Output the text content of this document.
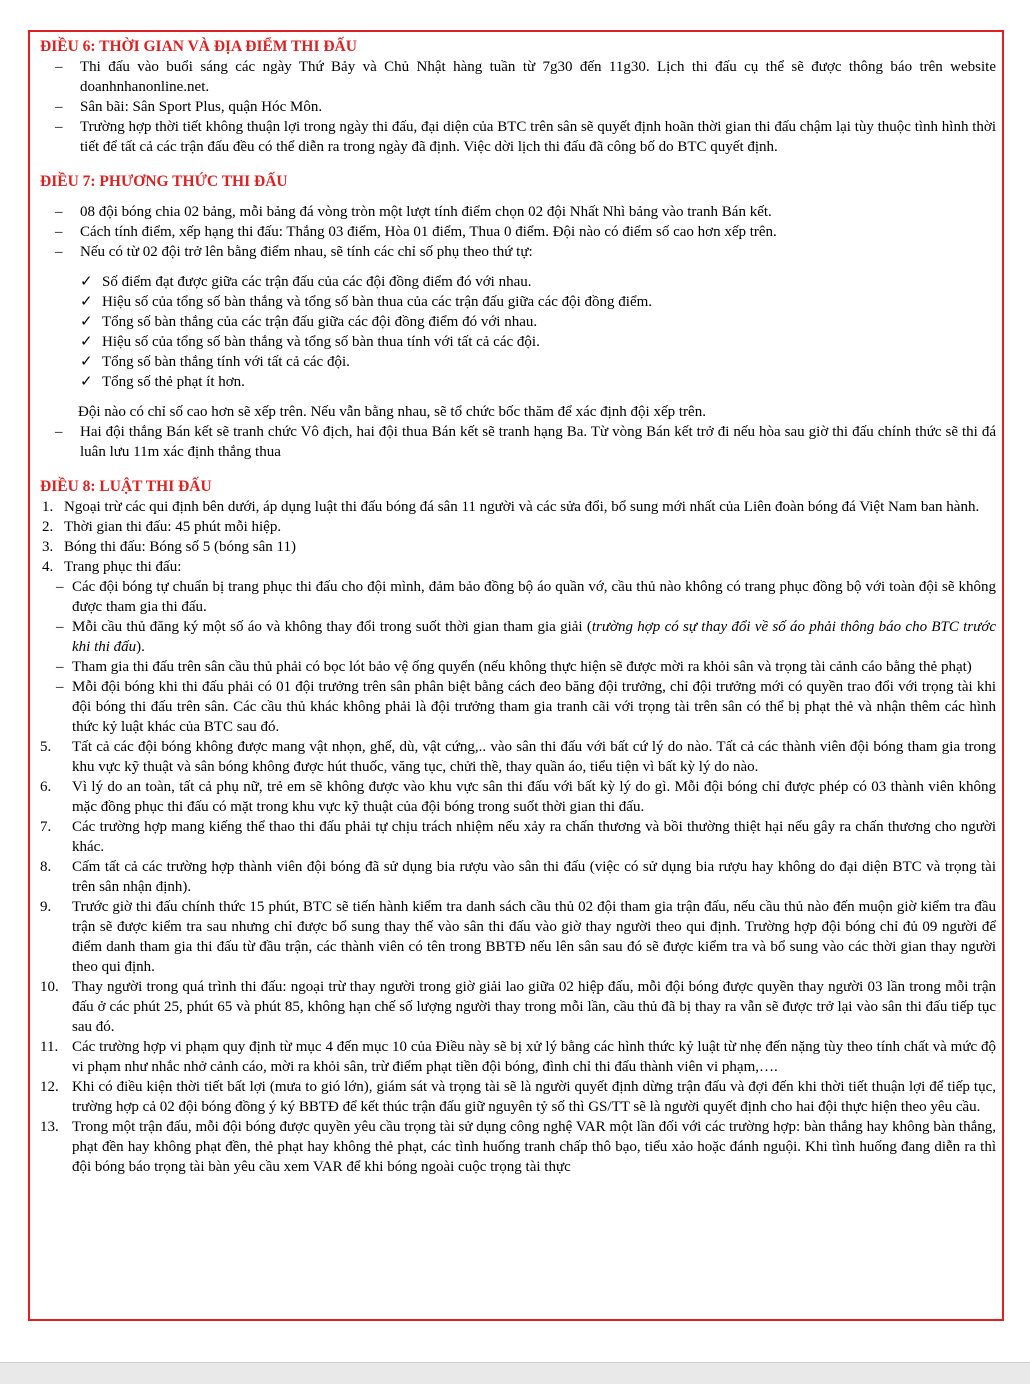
ĐIỀU 6: THỜI GIAN VÀ ĐỊA ĐIỂM THI ĐẤU
– Thi đấu vào buổi sáng các ngày Thứ Bảy và Chủ Nhật hàng tuần từ 7g30 đến 11g30. Lịch thi đấu cụ thể sẽ được thông báo trên website doanhnhanonline.net.
– Sân bãi: Sân Sport Plus, quận Hóc Môn.
– Trường hợp thời tiết không thuận lợi trong ngày thi đấu, đại diện của BTC trên sân sẽ quyết định hoãn thời gian thi đấu chậm lại tùy thuộc tình hình thời tiết để tất cả các trận đấu đều có thể diễn ra trong ngày đã định. Việc dời lịch thi đấu đã công bố do BTC quyết định.
ĐIỀU 7: PHƯƠNG THỨC THI ĐẤU
– 08 đội bóng chia 02 bảng, mỗi bảng đá vòng tròn một lượt tính điểm chọn 02 đội Nhất Nhì bảng vào tranh Bán kết.
– Cách tính điểm, xếp hạng thi đấu: Thắng 03 điểm, Hòa 01 điểm, Thua 0 điểm. Đội nào có điểm số cao hơn xếp trên.
– Nếu có từ 02 đội trở lên bằng điểm nhau, sẽ tính các chỉ số phụ theo thứ tự:
✓ Số điểm đạt được giữa các trận đấu của các đội đồng điểm đó với nhau.
✓ Hiệu số của tổng số bàn thắng và tổng số bàn thua của các trận đấu giữa các đội đồng điểm.
✓ Tổng số bàn thắng của các trận đấu giữa các đội đồng điểm đó với nhau.
✓ Hiệu số của tổng số bàn thắng và tổng số bàn thua tính với tất cả các đội.
✓ Tổng số bàn thắng tính với tất cả các đội.
✓ Tổng số thẻ phạt ít hơn.
Đội nào có chỉ số cao hơn sẽ xếp trên. Nếu vẫn bằng nhau, sẽ tổ chức bốc thăm để xác định đội xếp trên.
– Hai đội thắng Bán kết sẽ tranh chức Vô địch, hai đội thua Bán kết sẽ tranh hạng Ba. Từ vòng Bán kết trở đi nếu hòa sau giờ thi đấu chính thức sẽ thi đá luân lưu 11m xác định thắng thua
ĐIỀU 8: LUẬT THI ĐẤU
1. Ngoại trừ các qui định bên dưới, áp dụng luật thi đấu bóng đá sân 11 người và các sửa đổi, bổ sung mới nhất của Liên đoàn bóng đá Việt Nam ban hành.
2. Thời gian thi đấu: 45 phút mỗi hiệp.
3. Bóng thi đấu: Bóng số 5 (bóng sân 11)
4. Trang phục thi đấu:
– Các đội bóng tự chuẩn bị trang phục thi đấu cho đội mình, đảm bảo đồng bộ áo quần vớ, cầu thủ nào không có trang phục đồng bộ với toàn đội sẽ không được tham gia thi đấu.
– Mỗi cầu thủ đăng ký một số áo và không thay đổi trong suốt thời gian tham gia giải (trường hợp có sự thay đổi về số áo phải thông báo cho BTC trước khi thi đấu).
– Tham gia thi đấu trên sân cầu thủ phải có bọc lót bảo vệ ống quyển (nếu không thực hiện sẽ được mời ra khỏi sân và trọng tài cảnh cáo bằng thẻ phạt)
– Mỗi đội bóng khi thi đấu phải có 01 đội trưởng trên sân phân biệt bằng cách đeo băng đội trưởng, chỉ đội trưởng mới có quyền trao đổi với trọng tài khi đội bóng thi đấu trên sân. Các cầu thủ khác không phải là đội trưởng tham gia tranh cãi với trọng tài trên sân có thể bị phạt thẻ và nhận thêm các hình thức kỷ luật khác của BTC sau đó.
5. Tất cả các đội bóng không được mang vật nhọn, ghế, dù, vật cứng,.. vào sân thi đấu với bất cứ lý do nào. Tất cả các thành viên đội bóng tham gia trong khu vực kỹ thuật và sân bóng không được hút thuốc, văng tục, chửi thề, thay quần áo, tiểu tiện vì bất kỳ lý do nào.
6. Vì lý do an toàn, tất cả phụ nữ, trẻ em sẽ không được vào khu vực sân thi đấu với bất kỳ lý do gì. Mỗi đội bóng chỉ được phép có 03 thành viên không mặc đồng phục thi đấu có mặt trong khu vực kỹ thuật của đội bóng trong suốt thời gian thi đấu.
7. Các trường hợp mang kiếng thể thao thi đấu phải tự chịu trách nhiệm nếu xảy ra chấn thương và bồi thường thiệt hại nếu gây ra chấn thương cho người khác.
8. Cấm tất cả các trường hợp thành viên đội bóng đã sử dụng bia rượu vào sân thi đấu (việc có sử dụng bia rượu hay không do đại diện BTC và trọng tài trên sân nhận định).
9. Trước giờ thi đấu chính thức 15 phút, BTC sẽ tiến hành kiểm tra danh sách cầu thủ 02 đội tham gia trận đấu, nếu cầu thủ nào đến muộn giờ kiểm tra đầu trận sẽ được kiểm tra sau nhưng chỉ được bổ sung thay thế vào sân thi đấu vào giờ thay người theo qui định. Trường hợp đội bóng chỉ đủ 09 người để điểm danh tham gia thi đấu từ đầu trận, các thành viên có tên trong BBTĐ nếu lên sân sau đó sẽ được kiểm tra và bổ sung vào các thời gian thay người theo qui định.
10. Thay người trong quá trình thi đấu: ngoại trừ thay người trong giờ giải lao giữa 02 hiệp đấu, mỗi đội bóng được quyền thay người 03 lần trong mỗi trận đấu ở các phút 25, phút 65 và phút 85, không hạn chế số lượng người thay trong mỗi lần, cầu thủ đã bị thay ra vẫn sẽ được trở lại vào sân thi đấu tiếp tục sau đó.
11. Các trường hợp vi phạm quy định từ mục 4 đến mục 10 của Điều này sẽ bị xử lý bằng các hình thức kỷ luật từ nhẹ đến nặng tùy theo tính chất và mức độ vi phạm như nhắc nhở cảnh cáo, mời ra khỏi sân, trừ điểm phạt tiền đội bóng, đình chỉ thi đấu thành viên vi phạm,….
12. Khi có điều kiện thời tiết bất lợi (mưa to gió lớn), giám sát và trọng tài sẽ là người quyết định dừng trận đấu và đợi đến khi thời tiết thuận lợi để tiếp tục, trường hợp cả 02 đội bóng đồng ý ký BBTĐ để kết thúc trận đấu giữ nguyên tỷ số thì GS/TT sẽ là người quyết định cho hai đội thực hiện theo yêu cầu.
13. Trong một trận đấu, mỗi đội bóng được quyền yêu cầu trọng tài sử dụng công nghệ VAR một lần đối với các trường hợp: bàn thắng hay không bàn thắng, phạt đền hay không phạt đền, thẻ phạt hay không thẻ phạt, các tình huống tranh chấp thô bạo, tiểu xảo hoặc đánh nguội. Khi tình huống đang diễn ra thì đội bóng báo trọng tài bàn yêu cầu xem VAR để khi bóng ngoài cuộc trọng tài thực
